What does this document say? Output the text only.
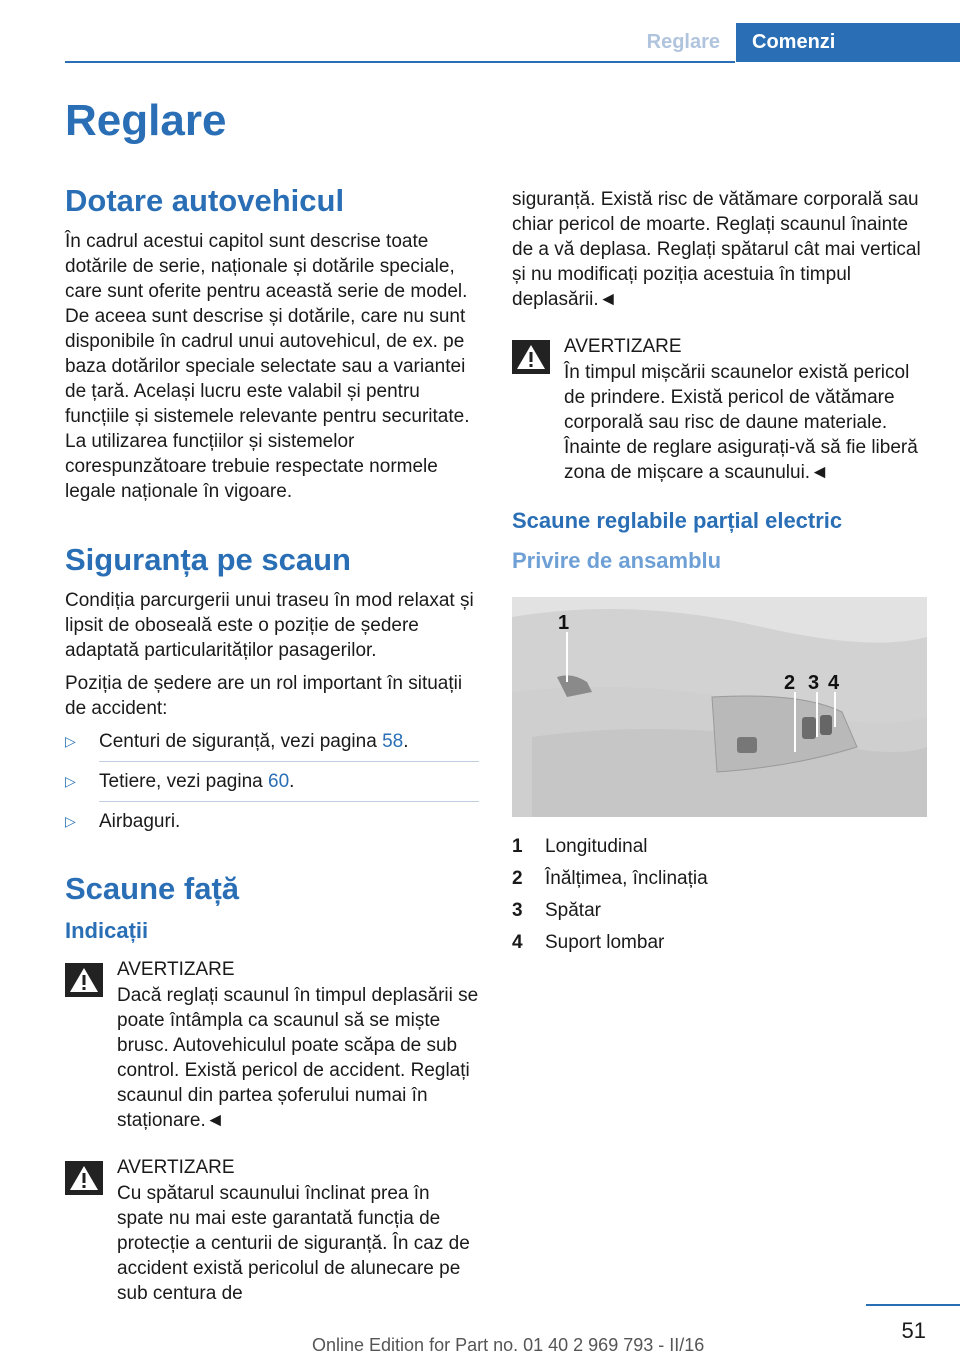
Reglare	Comenzi
Reglare
Dotare autovehicul

În cadrul acestui capitol sunt descrise toate dotările de serie, naționale și dotările speciale, care sunt oferite pentru această serie de model. De aceea sunt descrise și dotările, care nu sunt disponibile în cadrul unui autovehicul, de ex. pe baza dotărilor speciale selectate sau a variantei de țară. Același lucru este valabil și pentru funcțiile și sistemele relevante pentru securitate. La utilizarea funcțiilor și sistemelor corespunzătoare trebuie respectate normele legale naționale în vigoare.

Siguranța pe scaun

Condiția parcurgerii unui traseu în mod relaxat și lipsit de oboseală este o poziție de ședere adaptată particularităților pasagerilor.

Poziția de ședere are un rol important în situații de accident:

▷	Centuri de siguranță, vezi pagina 58.
▷	Tetiere, vezi pagina 60.
▷	Airbaguri.
Scaune față
Indicații
AVERTIZARE
Dacă reglați scaunul în timpul deplasării se poate întâmpla ca scaunul să se miște brusc. Autovehiculul poate scăpa de sub control. Există pericol de accident. Reglați scaunul din partea șoferului numai în staționare.◄
AVERTIZARE
Cu spătarul scaunului înclinat prea în spate nu mai este garantată funcția de protecție a centurii de siguranță. În caz de accident există pericolul de alunecare pe sub centura de

siguranță. Există risc de vătămare corporală sau chiar pericol de moarte. Reglați scaunul înainte de a vă deplasa. Reglați spătarul cât mai vertical și nu modificați poziția acestuia în timpul deplasării.◄

AVERTIZARE
În timpul mișcării scaunelor există pericol de prindere. Există pericol de vătămare corporală sau risc de daune materiale. Înainte de reglare asigurați-vă să fie liberă zona de mișcare a scaunului.◄
Scaune reglabile parțial electric
Privire de ansamblu
1
2 3 4
1	Longitudinal
2	Înălțimea, înclinația
3	Spătar
4	Suport lombar
51
Online Edition for Part no. 01 40 2 969 793 - II/16
